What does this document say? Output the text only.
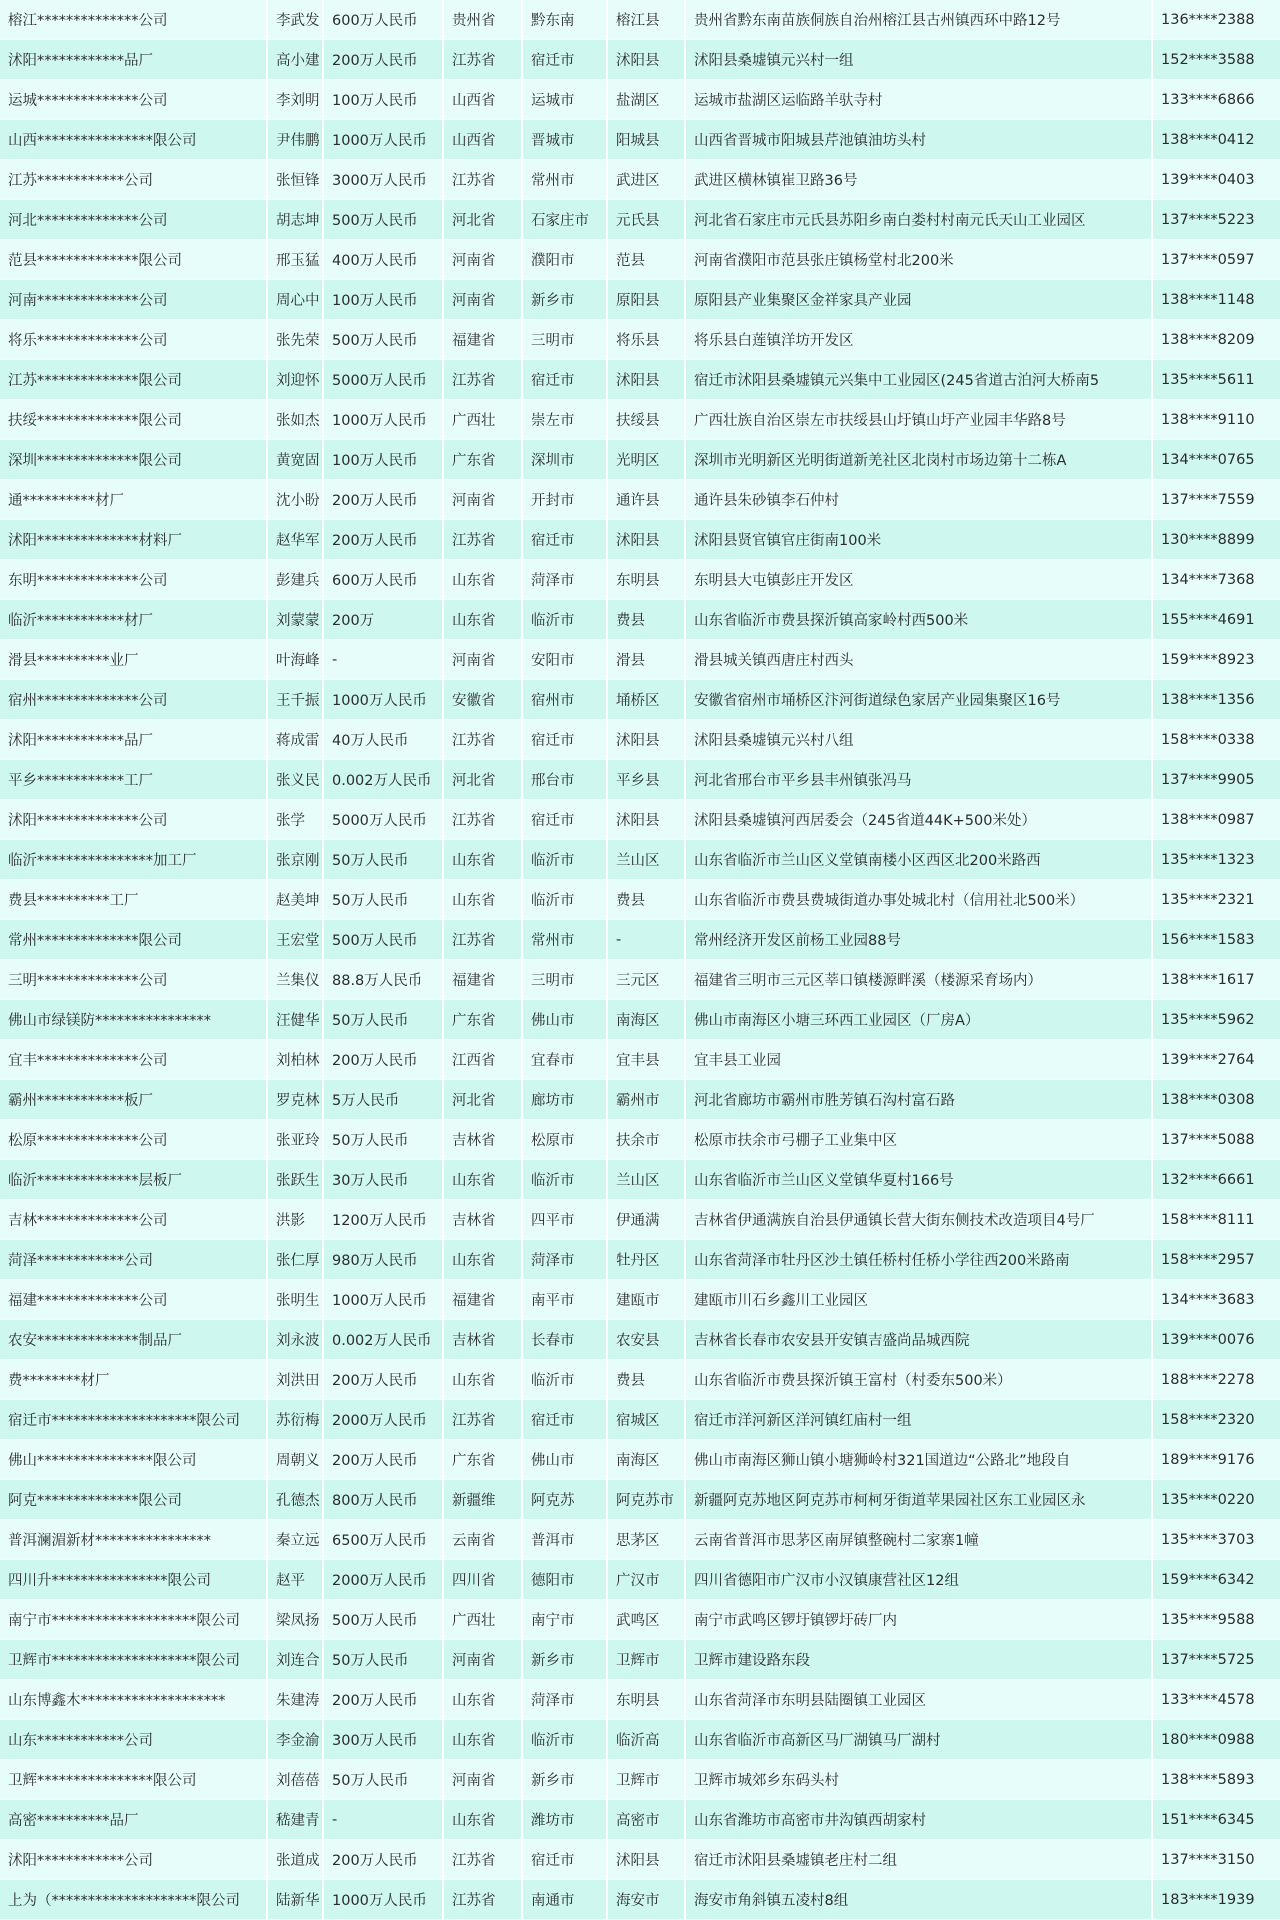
榕江**************公司	李武发	600万人民币	贵州省	黔东南	榕江县	贵州省黔东南苗族侗族自治州榕江县古州镇西环中路12号	136****2388
沭阳************品厂	高小建	200万人民币	江苏省	宿迁市	沭阳县	沭阳县桑墟镇元兴村一组	152****3588
运城**************公司	李刘明	100万人民币	山西省	运城市	盐湖区	运城市盐湖区运临路羊驮寺村	133****6866
山西****************限公司	尹伟鹏	1000万人民币	山西省	晋城市	阳城县	山西省晋城市阳城县芹池镇油坊头村	138****0412
江苏************公司	张恒锋	3000万人民币	江苏省	常州市	武进区	武进区横林镇崔卫路36号	139****0403
河北**************公司	胡志坤	500万人民币	河北省	石家庄市	元氏县	河北省石家庄市元氏县苏阳乡南白娄村村南元氏天山工业园区	137****5223
范县**************限公司	邢玉猛	400万人民币	河南省	濮阳市	范县	河南省濮阳市范县张庄镇杨堂村北200米	137****0597
河南**************公司	周心中	100万人民币	河南省	新乡市	原阳县	原阳县产业集聚区金祥家具产业园	138****1148
将乐**************公司	张先荣	500万人民币	福建省	三明市	将乐县	将乐县白莲镇洋坊开发区	138****8209
江苏**************限公司	刘迎怀	5000万人民币	江苏省	宿迁市	沭阳县	宿迁市沭阳县桑墟镇元兴集中工业园区(245省道古泊河大桥南5	135****5611
扶绥**************限公司	张如杰	1000万人民币	广西壮	崇左市	扶绥县	广西壮族自治区崇左市扶绥县山圩镇山圩产业园丰华路8号	138****9110
深圳**************限公司	黄宽固	100万人民币	广东省	深圳市	光明区	深圳市光明新区光明街道新羌社区北岗村市场边第十二栋A	134****0765
通**********材厂	沈小盼	200万人民币	河南省	开封市	通许县	通许县朱砂镇李石仲村	137****7559
沭阳**************材料厂	赵华军	200万人民币	江苏省	宿迁市	沭阳县	沭阳县贤官镇官庄街南100米	130****8899
东明**************公司	彭建兵	600万人民币	山东省	菏泽市	东明县	东明县大屯镇彭庄开发区	134****7368
临沂************材厂	刘蒙蒙	200万	山东省	临沂市	费县	山东省临沂市费县探沂镇高家岭村西500米	155****4691
滑县**********业厂	叶海峰	-	河南省	安阳市	滑县	滑县城关镇西唐庄村西头	159****8923
宿州**************公司	王千振	1000万人民币	安徽省	宿州市	埇桥区	安徽省宿州市埇桥区汴河街道绿色家居产业园集聚区16号	138****1356
沭阳************品厂	蒋成雷	40万人民币	江苏省	宿迁市	沭阳县	沭阳县桑墟镇元兴村八组	158****0338
平乡************工厂	张义民	0.002万人民币	河北省	邢台市	平乡县	河北省邢台市平乡县丰州镇张冯马	137****9905
沭阳**************公司	张学	5000万人民币	江苏省	宿迁市	沭阳县	沭阳县桑墟镇河西居委会（245省道44K+500米处）	138****0987
临沂****************加工厂	张京刚	50万人民币	山东省	临沂市	兰山区	山东省临沂市兰山区义堂镇南楼小区西区北200米路西	135****1323
费县**********工厂	赵美坤	50万人民币	山东省	临沂市	费县	山东省临沂市费县费城街道办事处城北村（信用社北500米）	135****2321
常州**************限公司	王宏堂	500万人民币	江苏省	常州市	-	常州经济开发区前杨工业园88号	156****1583
三明**************公司	兰集仪	88.8万人民币	福建省	三明市	三元区	福建省三明市三元区莘口镇楼源畔溪（楼源采育场内）	138****1617
佛山市绿镁防****************	汪健华	50万人民币	广东省	佛山市	南海区	佛山市南海区小塘三环西工业园区（厂房A）	135****5962
宜丰**************公司	刘柏林	200万人民币	江西省	宜春市	宜丰县	宜丰县工业园	139****2764
霸州************板厂	罗克林	5万人民币	河北省	廊坊市	霸州市	河北省廊坊市霸州市胜芳镇石沟村富石路	138****0308
松原**************公司	张亚玲	50万人民币	吉林省	松原市	扶余市	松原市扶余市弓棚子工业集中区	137****5088
临沂**************层板厂	张跃生	30万人民币	山东省	临沂市	兰山区	山东省临沂市兰山区义堂镇华夏村166号	132****6661
吉林**************公司	洪影	1200万人民币	吉林省	四平市	伊通满	吉林省伊通满族自治县伊通镇长营大街东侧技术改造项目4号厂	158****8111
菏泽************公司	张仁厚	980万人民币	山东省	菏泽市	牡丹区	山东省菏泽市牡丹区沙土镇任桥村任桥小学往西200米路南	158****2957
福建**************公司	张明生	1000万人民币	福建省	南平市	建瓯市	建瓯市川石乡鑫川工业园区	134****3683
农安**************制品厂	刘永波	0.002万人民币	吉林省	长春市	农安县	吉林省长春市农安县开安镇吉盛尚品城西院	139****0076
费********材厂	刘洪田	200万人民币	山东省	临沂市	费县	山东省临沂市费县探沂镇王富村（村委东500米）	188****2278
宿迁市********************限公司	苏衍梅	2000万人民币	江苏省	宿迁市	宿城区	宿迁市洋河新区洋河镇红庙村一组	158****2320
佛山****************限公司	周朝义	200万人民币	广东省	佛山市	南海区	佛山市南海区狮山镇小塘狮岭村321国道边“公路北”地段自	189****9176
阿克**************限公司	孔德杰	800万人民币	新疆维	阿克苏	阿克苏市	新疆阿克苏地区阿克苏市柯柯牙街道苹果园社区东工业园区永	135****0220
普洱澜湄新材****************	秦立远	6500万人民币	云南省	普洱市	思茅区	云南省普洱市思茅区南屏镇整碗村二家寨1幢	135****3703
四川升****************限公司	赵平	2000万人民币	四川省	德阳市	广汉市	四川省德阳市广汉市小汉镇康营社区12组	159****6342
南宁市********************限公司	梁凤扬	500万人民币	广西壮	南宁市	武鸣区	南宁市武鸣区锣圩镇锣圩砖厂内	135****9588
卫辉市********************限公司	刘连合	50万人民币	河南省	新乡市	卫辉市	卫辉市建设路东段	137****5725
山东博鑫木********************	朱建涛	200万人民币	山东省	菏泽市	东明县	山东省菏泽市东明县陆圈镇工业园区	133****4578
山东************公司	李金渝	300万人民币	山东省	临沂市	临沂高	山东省临沂市高新区马厂湖镇马厂湖村	180****0988
卫辉****************限公司	刘蓓蓓	50万人民币	河南省	新乡市	卫辉市	卫辉市城郊乡东码头村	138****5893
高密**********品厂	嵇建青	-	山东省	潍坊市	高密市	山东省潍坊市高密市井沟镇西胡家村	151****6345
沭阳************公司	张道成	200万人民币	江苏省	宿迁市	沭阳县	宿迁市沭阳县桑墟镇老庄村二组	137****3150
上为（********************限公司	陆新华	1000万人民币	江苏省	南通市	海安市	海安市角斜镇五凌村8组	183****1939
